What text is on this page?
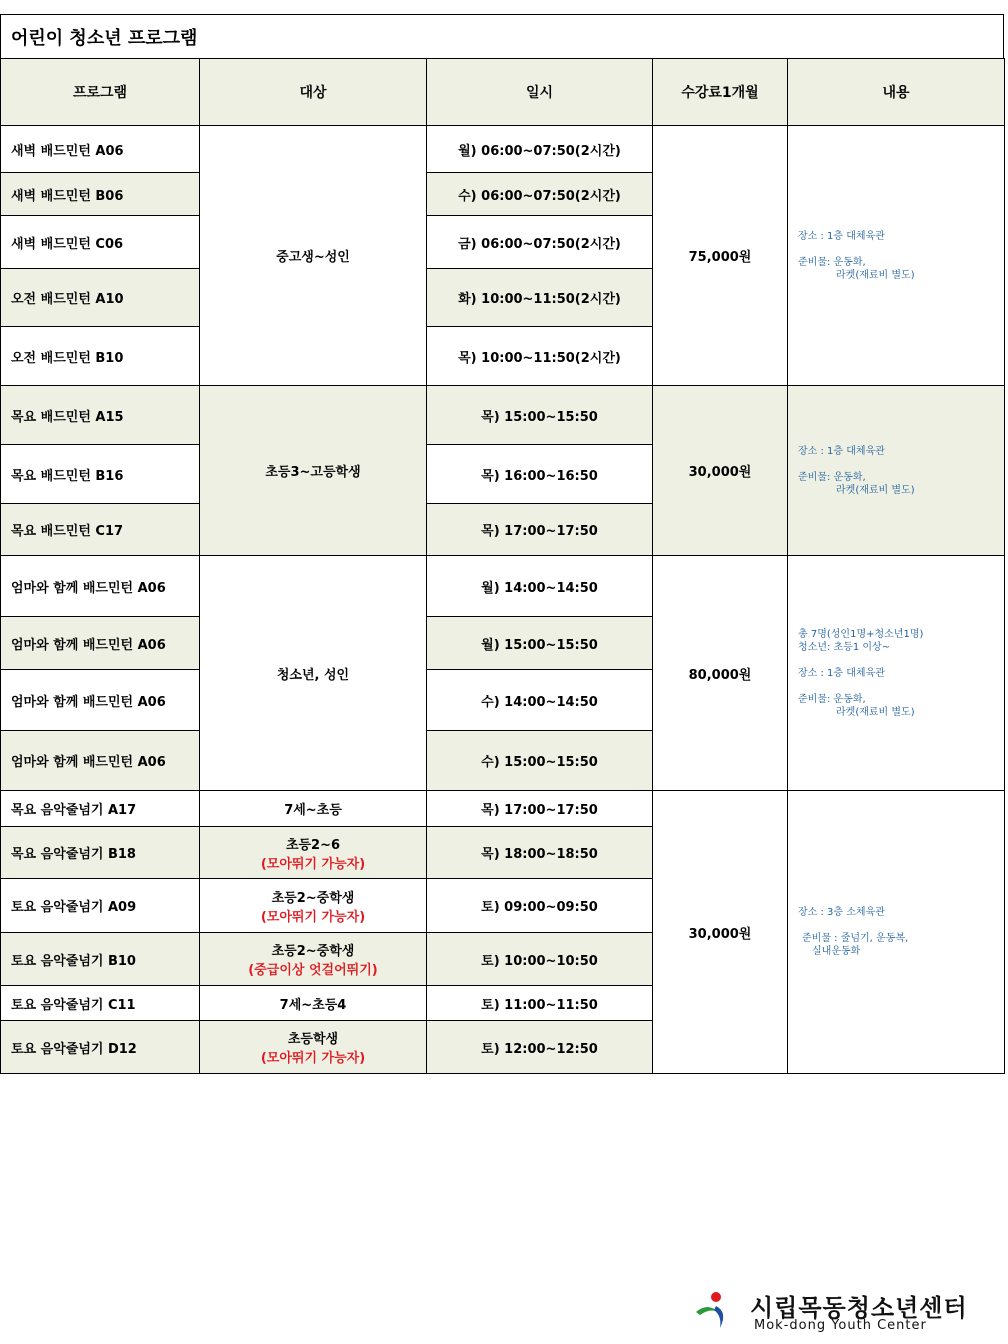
어린이 청소년 프로그램
프로그램	대상	일시	수강료1개월	내용
새벽 배드민턴 A06	중고생~성인	월) 06:00~07:50(2시간)	75,000원	장소 : 1층 대체육관
준비물: 운동화,
라켓(재료비 별도)

새벽 배드민턴 B06		수) 06:00~07:50(2시간)		
새벽 배드민턴 C06		금) 06:00~07:50(2시간)		
오전 배드민턴 A10		화) 10:00~11:50(2시간)		
오전 배드민턴 B10		목) 10:00~11:50(2시간)		
목요 배드민턴 A15	초등3~고등학생	목) 15:00~15:50	30,000원	장소 : 1층 대체육관
준비물: 운동화,
라켓(재료비 별도)

목요 배드민턴 B16		목) 16:00~16:50		
목요 배드민턴 C17		목) 17:00~17:50		
엄마와 함께 배드민턴 A06	청소년, 성인	월) 14:00~14:50	80,000원	총 7명(성인1명+청소년1명)
청소년: 초등1 이상~
장소 : 1층 대체육관
준비물: 운동화,
라켓(재료비 별도)

엄마와 함께 배드민턴 A06		월) 15:00~15:50		
엄마와 함께 배드민턴 A06		수) 14:00~14:50		
엄마와 함께 배드민턴 A06		수) 15:00~15:50		
목요 음악줄넘기 A17	7세~초등	목) 17:00~17:50	30,000원	장소 : 3층 소체육관
준비물 : 줄넘기, 운동복,
실내운동화

목요 음악줄넘기 B18	초등2~6
(모아뛰기 가능자)	목) 18:00~18:50		
토요 음악줄넘기 A09	초등2~중학생
(모아뛰기 가능자)	토) 09:00~09:50		
토요 음악줄넘기 B10	초등2~중학생
(중급이상 엇걸어뛰기)	토) 10:00~10:50		
토요 음악줄넘기 C11	7세~초등4	토) 11:00~11:50		
토요 음악줄넘기 D12	초등학생
(모아뛰기 가능자)	토) 12:00~12:50		
시립목동청소년센터
Mok-dong Youth Center
